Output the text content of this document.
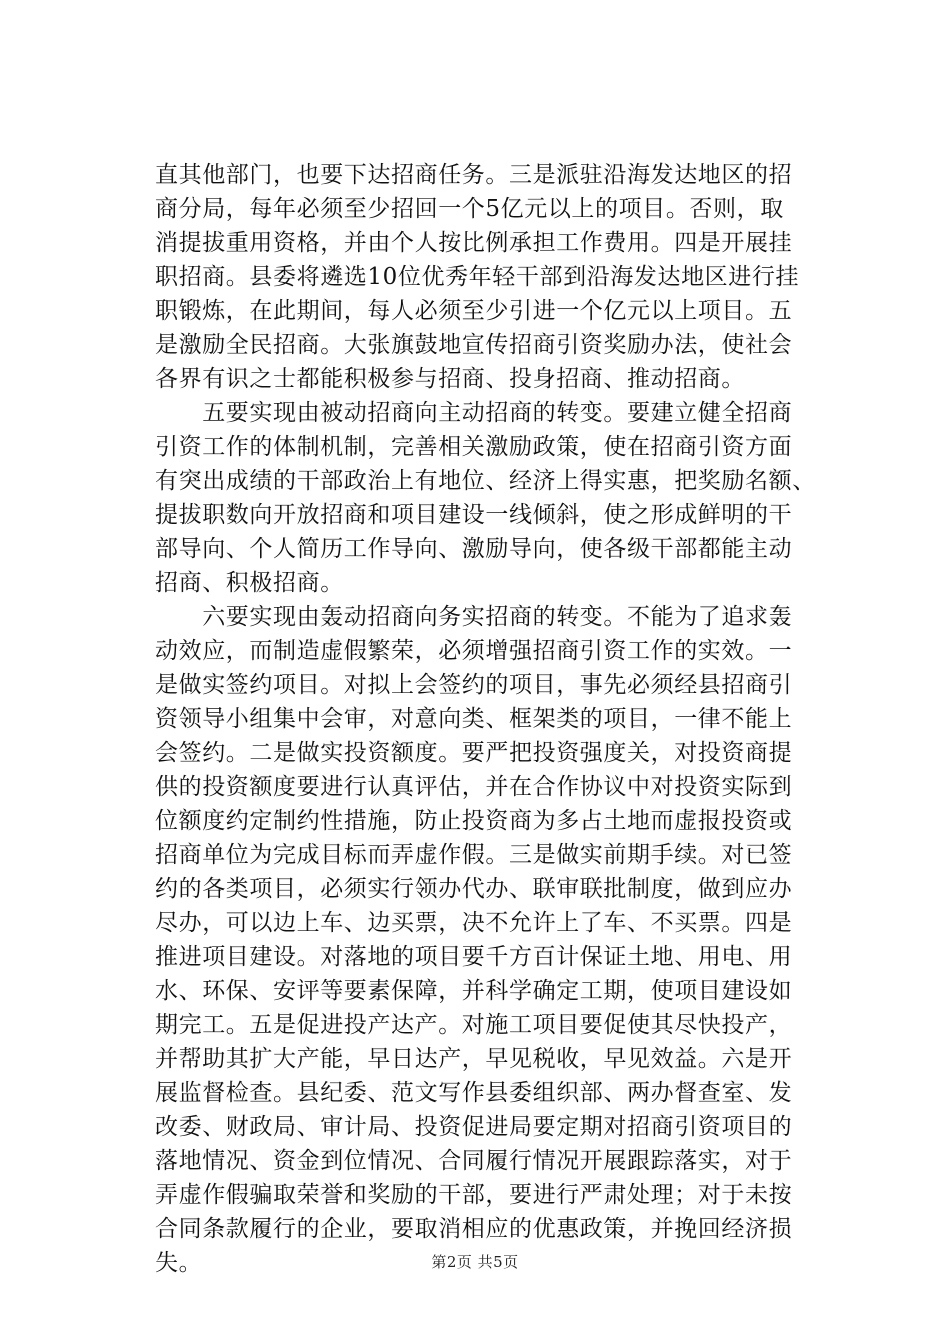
直其他部门，也要下达招商任务。三是派驻沿海发达地区的招
商分局，每年必须至少招回一个5亿元以上的项目。否则，取
消提拔重用资格，并由个人按比例承担工作费用。四是开展挂
职招商。县委将遴选10位优秀年轻干部到沿海发达地区进行挂
职锻炼，在此期间，每人必须至少引进一个亿元以上项目。五
是激励全民招商。大张旗鼓地宣传招商引资奖励办法，使社会
各界有识之士都能积极参与招商、投身招商、推动招商。
　　五要实现由被动招商向主动招商的转变。要建立健全招商
引资工作的体制机制，完善相关激励政策，使在招商引资方面
有突出成绩的干部政治上有地位、经济上得实惠，把奖励名额、
提拔职数向开放招商和项目建设一线倾斜，使之形成鲜明的干
部导向、个人简历工作导向、激励导向，使各级干部都能主动
招商、积极招商。
　　六要实现由轰动招商向务实招商的转变。不能为了追求轰
动效应，而制造虚假繁荣，必须增强招商引资工作的实效。一
是做实签约项目。对拟上会签约的项目，事先必须经县招商引
资领导小组集中会审，对意向类、框架类的项目，一律不能上
会签约。二是做实投资额度。要严把投资强度关，对投资商提
供的投资额度要进行认真评估，并在合作协议中对投资实际到
位额度约定制约性措施，防止投资商为多占土地而虚报投资或
招商单位为完成目标而弄虚作假。三是做实前期手续。对已签
约的各类项目，必须实行领办代办、联审联批制度，做到应办
尽办，可以边上车、边买票，决不允许上了车、不买票。四是
推进项目建设。对落地的项目要千方百计保证土地、用电、用
水、环保、安评等要素保障，并科学确定工期，使项目建设如
期完工。五是促进投产达产。对施工项目要促使其尽快投产，
并帮助其扩大产能，早日达产，早见税收，早见效益。六是开
展监督检查。县纪委、范文写作县委组织部、两办督查室、发
改委、财政局、审计局、投资促进局要定期对招商引资项目的
落地情况、资金到位情况、合同履行情况开展跟踪落实，对于
弄虚作假骗取荣誉和奖励的干部，要进行严肃处理；对于未按
合同条款履行的企业，要取消相应的优惠政策，并挽回经济损
失。	第2页 共5页
